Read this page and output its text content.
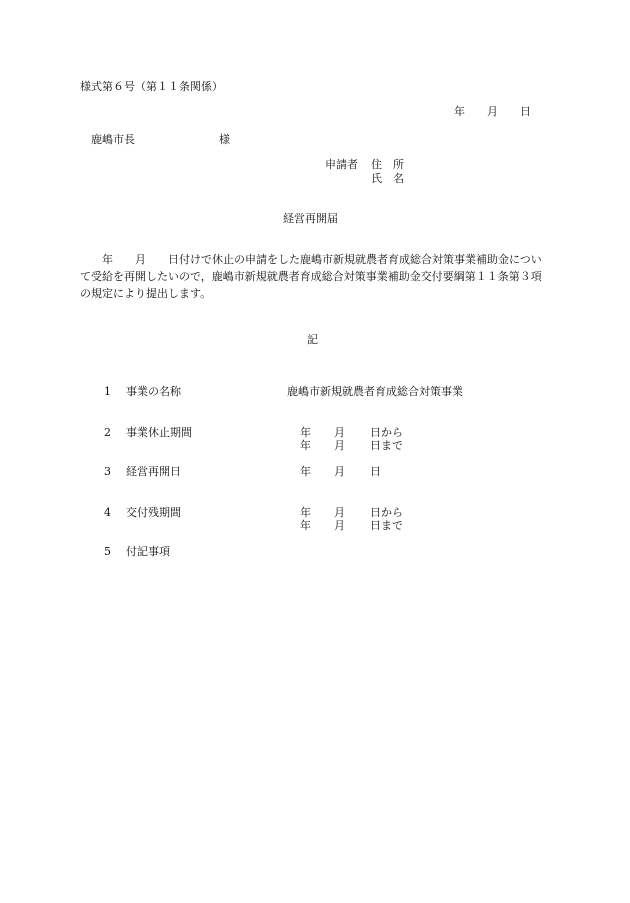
様式第６号（第１１条関係）
年　　月　　日
鹿嶋市長	様
申請者 住　所
氏　名
経営再開届
　　年　　月　　日付けで休止の申請をした鹿嶋市新規就農者育成総合対策事業補助金について受給を再開したいので，鹿嶋市新規就農者育成総合対策事業補助金交付要綱第１１条第３項の規定により提出します。
記
1 事業の名称	鹿嶋市新規就農者育成総合対策事業
2 事業休止期間	年 月 日から
年 月 日まで
3 経営再開日	年 月 日
4 交付残期間	年 月 日から
年 月 日まで
5 付記事項
